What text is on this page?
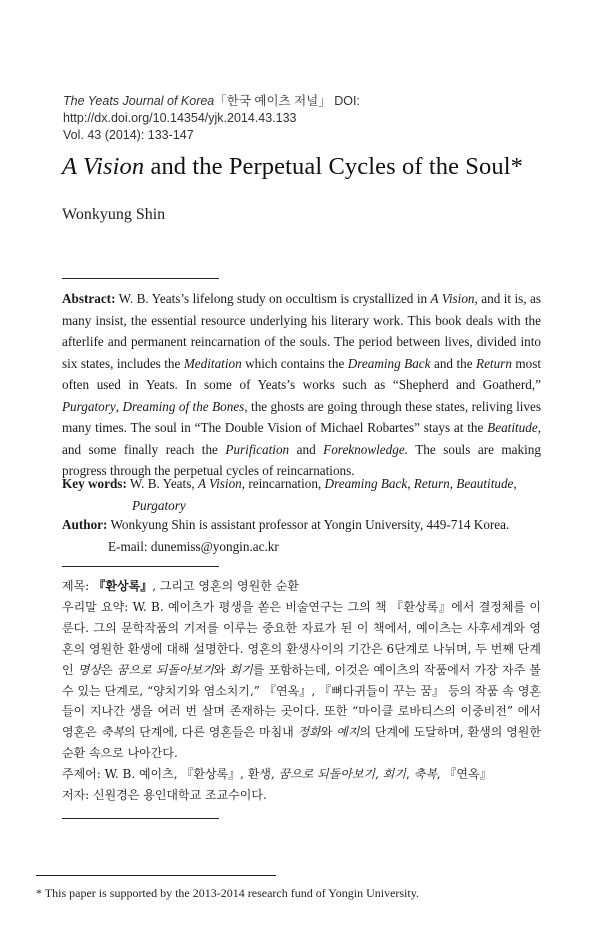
The Yeats Journal of Korea「한국 예이츠 저널」 DOI: http://dx.doi.org/10.14354/yjk.2014.43.133
Vol. 43 (2014): 133-147
A Vision and the Perpetual Cycles of the Soul*
Wonkyung Shin
Abstract: W. B. Yeats’s lifelong study on occultism is crystallized in A Vision, and it is, as many insist, the essential resource underlying his literary work. This book deals with the afterlife and permanent reincarnation of the souls. The period between lives, divided into six states, includes the Meditation which contains the Dreaming Back and the Return most often used in Yeats. In some of Yeats’s works such as “Shepherd and Goatherd,” Purgatory, Dreaming of the Bones, the ghosts are going through these states, reliving lives many times. The soul in “The Double Vision of Michael Robartes” stays at the Beatitude, and some finally reach the Purification and Foreknowledge. The souls are making progress through the perpetual cycles of reincarnations.
Key words: W. B. Yeats, A Vision, reincarnation, Dreaming Back, Return, Beautitude,
Purgatory
Author: Wonkyung Shin is assistant professor at Yongin University, 449-714 Korea.
E-mail: dunemiss@yongin.ac.kr
제목: 『환상록』, 그리고 영혼의 영원한 순환
우리말 요약: W. B. 예이츠가 평생을 쏟은 비술연구는 그의 책 『환상록』에서 결정체를 이룬다. 그의 문학작품의 기저를 이루는 중요한 자료가 된 이 책에서, 예이츠는 사후세계와 영혼의 영원한 환생에 대해 설명한다. 영혼의 환생사이의 기간은 6단계로 나뉘며, 두 번째 단계인 명상은 꿈으로 되돌아보기와 회기를 포함하는데, 이것은 예이츠의 작품에서 가장 자주 볼 수 있는 단계로, “양치기와 염소치기,” 『연옥』, 『뼈다귀들이 꾸는 꿈』 등의 작품 속 영혼들이 지나간 생을 여러 번 살며 존재하는 곳이다. 또한 “마이클 로바티스의 이중비전” 에서 영혼은 축복의 단계에, 다른 영혼들은 마침내 정화와 예지의 단계에 도달하며, 환생의 영원한 순환 속으로 나아간다.
주제어: W. B. 예이츠, 『환상록』, 환생, 꿈으로 되돌아보기, 회기, 축복, 『연옥』
저자: 신원경은 용인대학교 조교수이다.
* This paper is supported by the 2013-2014 research fund of Yongin University.
